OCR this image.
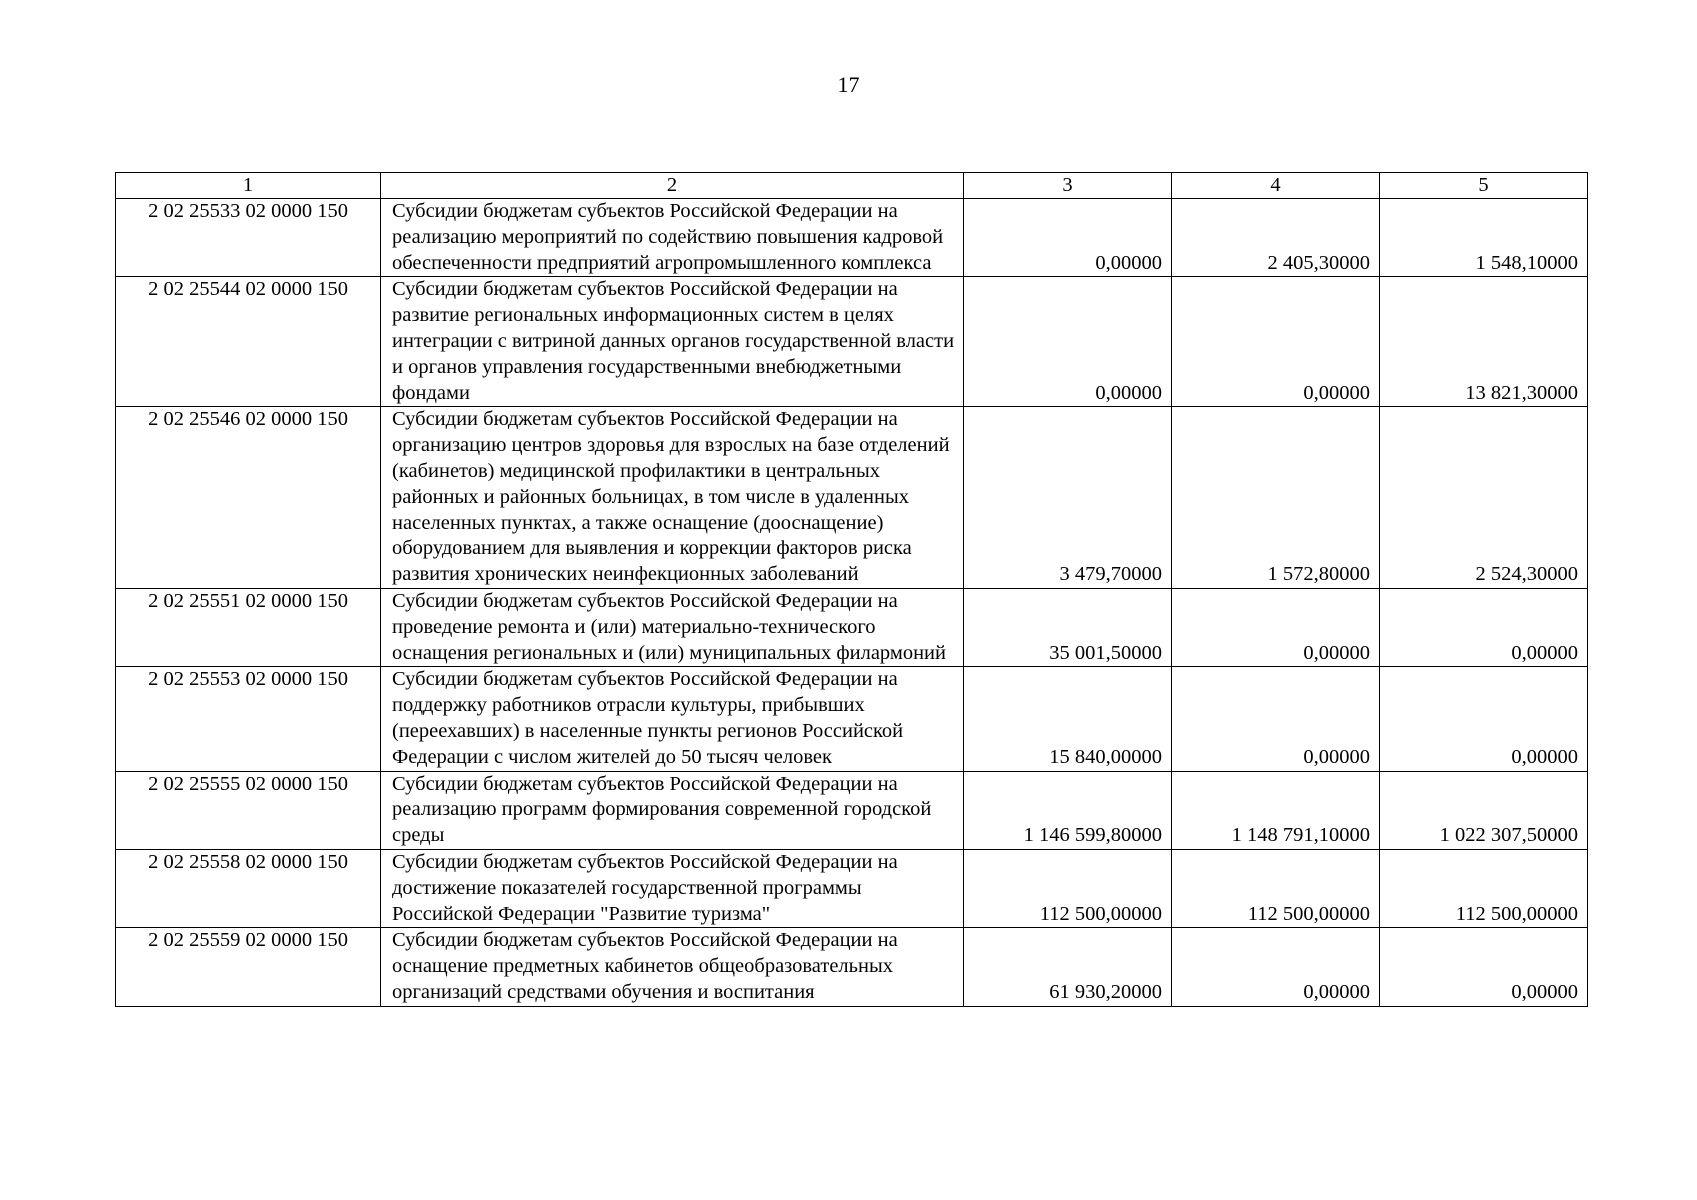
17
1	2	3	4	5
2 02 25533 02 0000 150	Субсидии бюджетам субъектов Российской Федерации на реализацию мероприятий по содействию повышения кадровой обеспеченности предприятий агропромышленного комплекса	0,00000	2 405,30000	1 548,10000
2 02 25544 02 0000 150	Субсидии бюджетам субъектов Российской Федерации на развитие региональных информационных систем в целях интеграции с витриной данных органов государственной власти и органов управления государственными внебюджетными фондами	0,00000	0,00000	13 821,30000
2 02 25546 02 0000 150	Субсидии бюджетам субъектов Российской Федерации на организацию центров здоровья для взрослых на базе отделений (кабинетов) медицинской профилактики в центральных районных и районных больницах, в том числе в удаленных населенных пунктах, а также оснащение (дооснащение) оборудованием для выявления и коррекции факторов риска развития хронических неинфекционных заболеваний	3 479,70000	1 572,80000	2 524,30000
2 02 25551 02 0000 150	Субсидии бюджетам субъектов Российской Федерации на проведение ремонта и (или) материально-технического оснащения региональных и (или) муниципальных филармоний	35 001,50000	0,00000	0,00000
2 02 25553 02 0000 150	Субсидии бюджетам субъектов Российской Федерации на поддержку работников отрасли культуры, прибывших (переехавших) в населенные пункты регионов Российской Федерации с числом жителей до 50 тысяч человек	15 840,00000	0,00000	0,00000
2 02 25555 02 0000 150	Субсидии бюджетам субъектов Российской Федерации на реализацию программ формирования современной городской среды	1 146 599,80000	1 148 791,10000	1 022 307,50000
2 02 25558 02 0000 150	Субсидии бюджетам субъектов Российской Федерации на достижение показателей государственной программы Российской Федерации "Развитие туризма"	112 500,00000	112 500,00000	112 500,00000
2 02 25559 02 0000 150	Субсидии бюджетам субъектов Российской Федерации на оснащение предметных кабинетов общеобразовательных организаций средствами обучения и воспитания	61 930,20000	0,00000	0,00000
